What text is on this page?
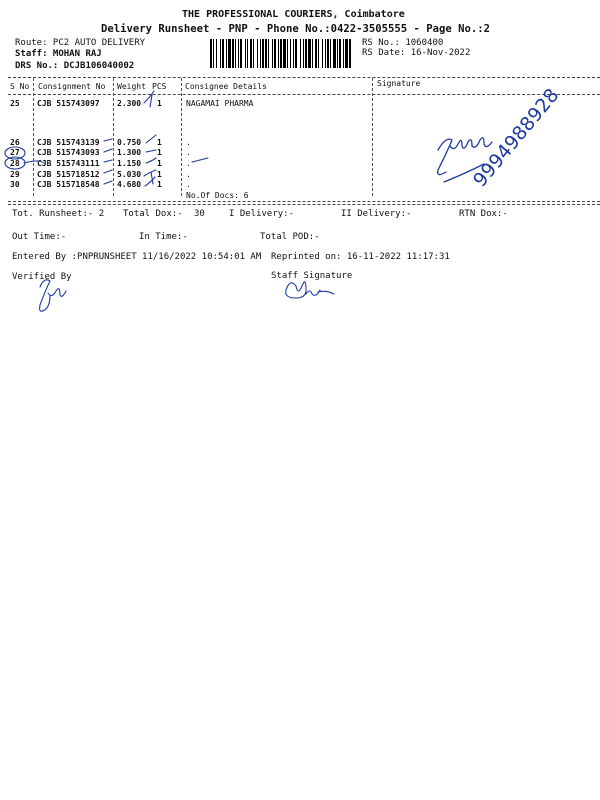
THE PROFESSIONAL COURIERS, Coimbatore
Delivery Runsheet - PNP - Phone No.:0422-3505555 - Page No.:2
Route: PC2 AUTO DELIVERY
Staff: MOHAN RAJ
DRS No.: DCJB106040002
RS No.: 1060400
RS Date: 16-Nov-2022
S No Consignment No Weight PCS Consignee Details	Signature
25 CJB 515743097 2.300 1	NAGAMAI PHARMA
26 CJB 515743139 0.750 1	.
27 CJB 515743093 1.300 1	.
28 CJB 515743111 1.150 1	.
29 CJB 515718512 5.030 1	.
30 CJB 515718548 4.680 1	.
No.Of Docs: 6
Tot. Runsheet:- 2 Total Dox:- 30	I Delivery:-	II Delivery:-	RTN Dox:-
Out Time:-	In Time:-	Total POD:-
Entered By :PNPRUNSHEET 11/16/2022 10:54:01 AM Reprinted on: 16-11-2022 11:17:31
Verified By	Staff Signature
9994988928
